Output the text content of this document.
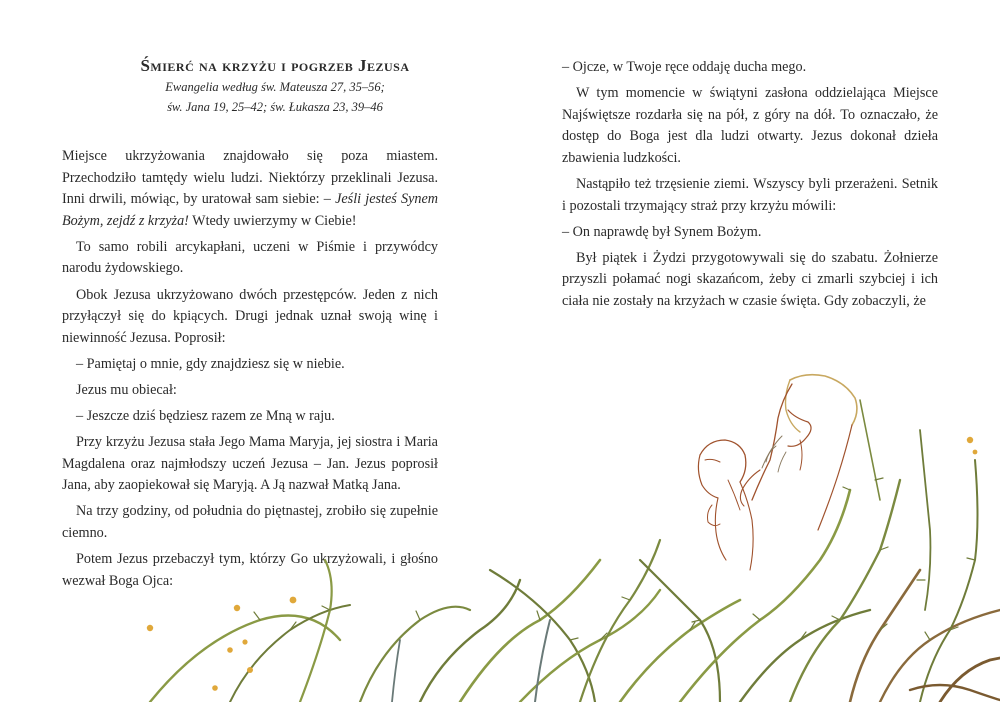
Śmierć na krzyżu i pogrzeb Jezusa

Ewangelia według św. Mateusza 27, 35–56;

św. Jana 19, 25–42; św. Łukasza 23, 39–46

Miejsce ukrzyżowania znajdowało się poza miastem. Przechodziło tamtędy wielu ludzi. Niektórzy przeklinali Jezusa. Inni drwili, mówiąc, by uratował sam siebie: – Jeśli jesteś Synem Bożym, zejdź z krzyża! Wtedy uwierzymy w Ciebie!

To samo robili arcykapłani, uczeni w Piśmie i przywódcy narodu żydowskiego.

Obok Jezusa ukrzyżowano dwóch przestępców. Jeden z nich przyłączył się do kpiących. Drugi jednak uznał swoją winę i niewinność Jezusa. Poprosił:

– Pamiętaj o mnie, gdy znajdziesz się w niebie.

Jezus mu obiecał:

– Jeszcze dziś będziesz razem ze Mną w raju.

Przy krzyżu Jezusa stała Jego Mama Maryja, jej siostra i Maria Magdalena oraz najmłodszy uczeń Jezusa – Jan. Jezus poprosił Jana, aby zaopiekował się Maryją. A Ją nazwał Matką Jana.

Na trzy godziny, od południa do piętnastej, zrobiło się zupełnie ciemno.

Potem Jezus przebaczył tym, którzy Go ukrzyżowali, i głośno wezwał Boga Ojca:

– Ojcze, w Twoje ręce oddaję ducha mego.

W tym momencie w świątyni zasłona oddzielająca Miejsce Najświętsze rozdarła się na pół, z góry na dół. To oznaczało, że dostęp do Boga jest dla ludzi otwarty. Jezus dokonał dzieła zbawienia ludzkości.

Nastąpiło też trzęsienie ziemi. Wszyscy byli przerażeni. Setnik i pozostali trzymający straż przy krzyżu mówili:

– On naprawdę był Synem Bożym.

Był piątek i Żydzi przygotowywali się do szabatu. Żołnierze przyszli połamać nogi skazańcom, żeby ci zmarli szybciej i ich ciała nie zostały na krzyżach w czasie święta. Gdy zobaczyli, że
